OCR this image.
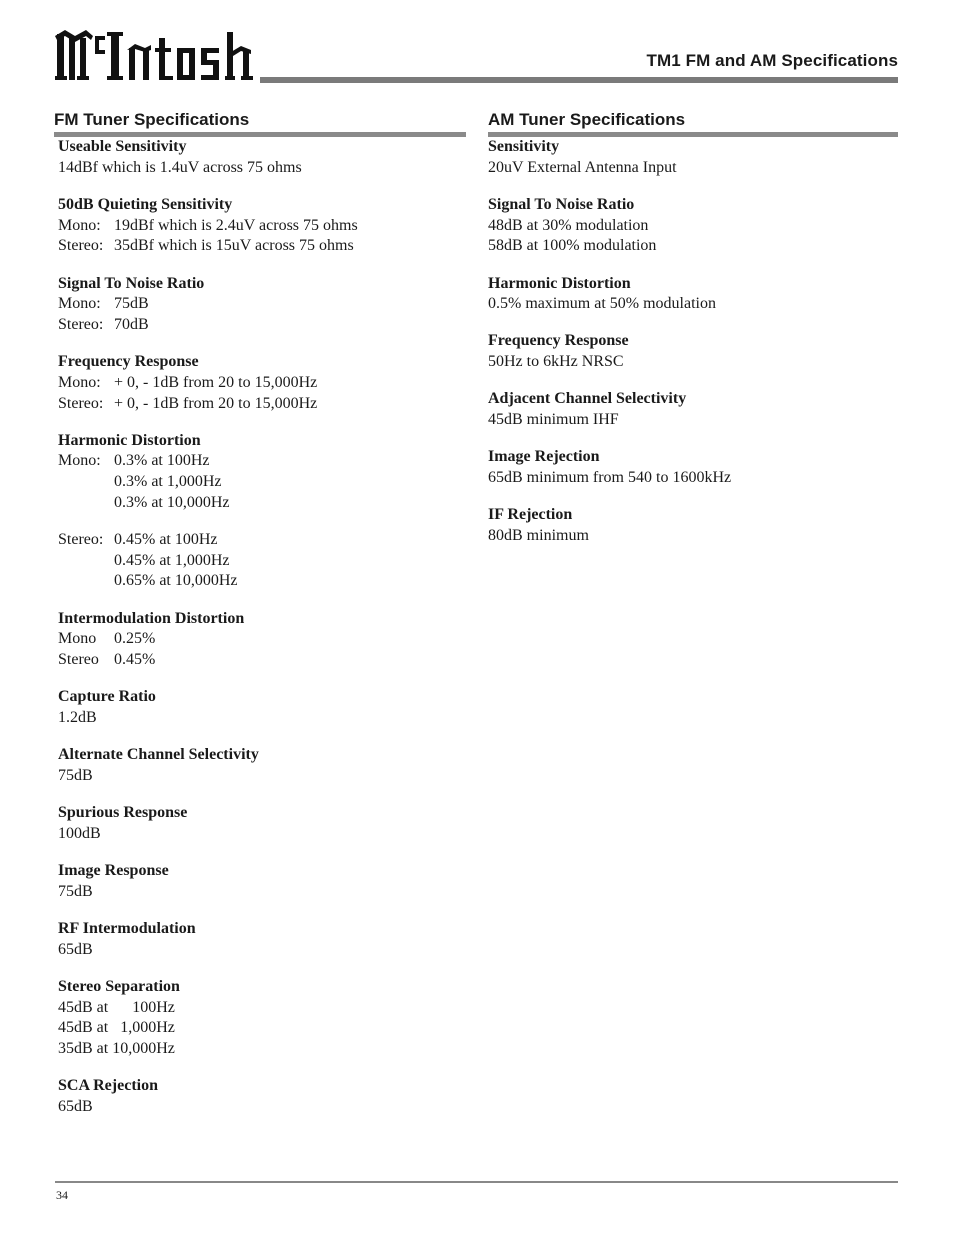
TM1 FM and AM Specifications
FM Tuner Specifications
Useable Sensitivity
14dBf which is 1.4uV across 75 ohms
50dB Quieting Sensitivity
Mono: 19dBf which is 2.4uV across 75 ohms
Stereo: 35dBf which is 15uV across 75 ohms
Signal To Noise Ratio
Mono: 75dB
Stereo: 70dB
Frequency Response
Mono: + 0, - 1dB from 20 to 15,000Hz
Stereo: + 0, - 1dB from 20 to 15,000Hz
Harmonic Distortion
Mono: 0.3% at 100Hz
0.3% at 1,000Hz
0.3% at 10,000Hz
Stereo: 0.45% at 100Hz
0.45% at 1,000Hz
0.65% at 10,000Hz
Intermodulation Distortion
Mono	0.25%
Stereo 0.45%
Capture Ratio
1.2dB
Alternate Channel Selectivity
75dB
Spurious Response
100dB
Image Response
75dB
RF Intermodulation
65dB
Stereo Separation
45dB at      100Hz
45dB at   1,000Hz
35dB at 10,000Hz
SCA Rejection
65dB
AM Tuner Specifications
Sensitivity
20uV External Antenna Input
Signal To Noise Ratio
48dB at 30% modulation
58dB at 100% modulation
Harmonic Distortion
0.5% maximum at 50% modulation
Frequency Response
50Hz to 6kHz NRSC
Adjacent Channel Selectivity
45dB minimum IHF
Image Rejection
65dB minimum from 540 to 1600kHz
IF Rejection
80dB minimum
34
